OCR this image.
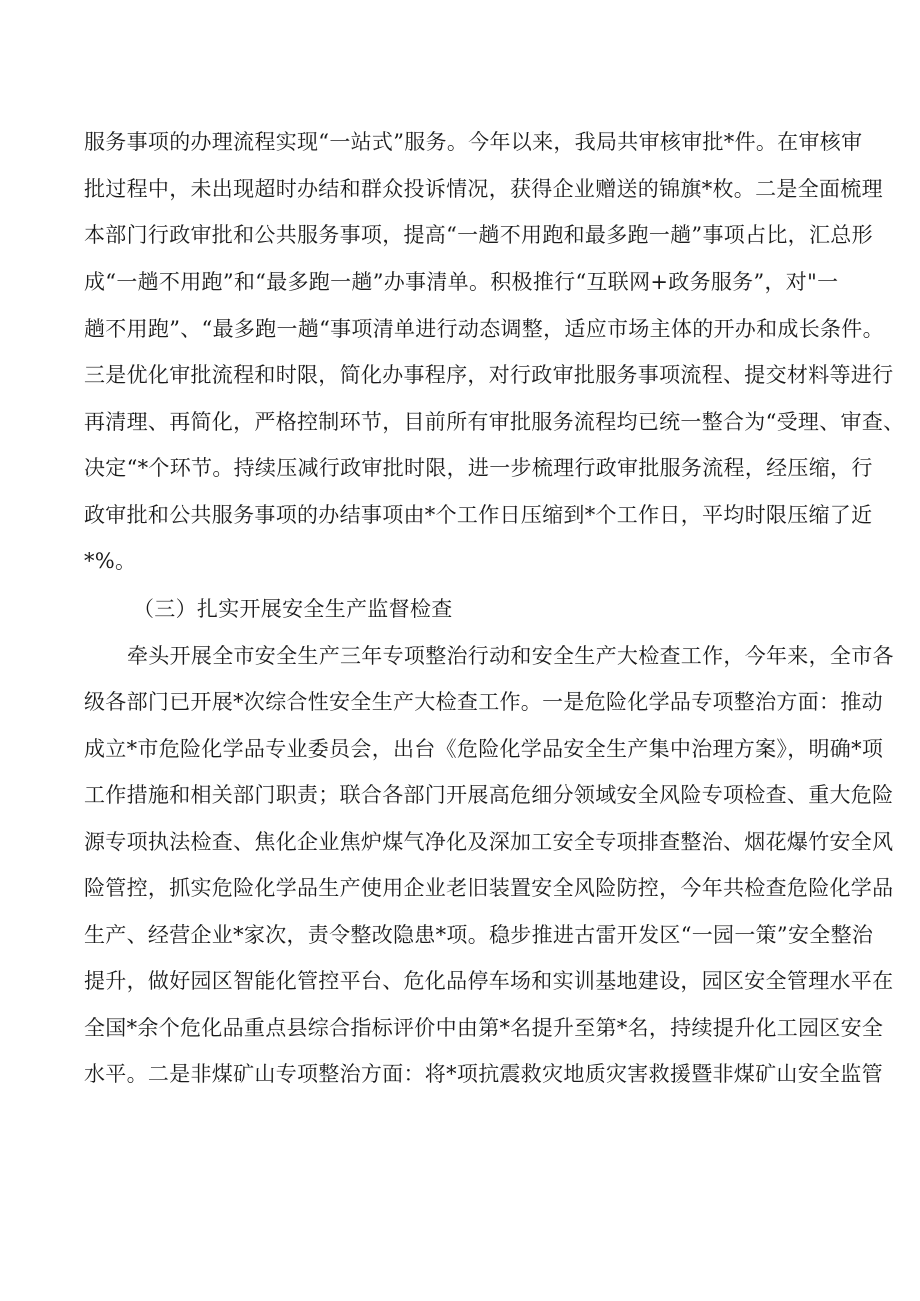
服务事项的办理流程实现“一站式”服务。今年以来，我局共审核审批*件。在审核审

批过程中，未出现超时办结和群众投诉情况，获得企业赠送的锦旗*枚。二是全面梳理

本部门行政审批和公共服务事项，提高“一趟不用跑和最多跑一趟”事项占比，汇总形

成“一趟不用跑”和“最多跑一趟”办事清单。积极推行“互联网+政务服务”，对"一

趟不用跑”、“最多跑一趟“事项清单进行动态调整，适应市场主体的开办和成长条件。

三是优化审批流程和时限，简化办事程序，对行政审批服务事项流程、提交材料等进行

再清理、再简化，严格控制环节，目前所有审批服务流程均已统一整合为“受理、审查、

决定“*个环节。持续压减行政审批时限，进一步梳理行政审批服务流程，经压缩，行

政审批和公共服务事项的办结事项由*个工作日压缩到*个工作日，平均时限压缩了近

*%。

（三）扎实开展安全生产监督检查

牵头开展全市安全生产三年专项整治行动和安全生产大检查工作，今年来，全市各

级各部门已开展*次综合性安全生产大检查工作。一是危险化学品专项整治方面：推动

成立*市危险化学品专业委员会，出台《危险化学品安全生产集中治理方案》，明确*项

工作措施和相关部门职责；联合各部门开展高危细分领域安全风险专项检查、重大危险

源专项执法检查、焦化企业焦炉煤气净化及深加工安全专项排查整治、烟花爆竹安全风

险管控，抓实危险化学品生产使用企业老旧装置安全风险防控，今年共检查危险化学品

生产、经营企业*家次，责令整改隐患*项。稳步推进古雷开发区“一园一策”安全整治

提升，做好园区智能化管控平台、危化品停车场和实训基地建设，园区安全管理水平在

全国*余个危化品重点县综合指标评价中由第*名提升至第*名，持续提升化工园区安全

水平。二是非煤矿山专项整治方面：将*项抗震救灾地质灾害救援暨非煤矿山安全监管
